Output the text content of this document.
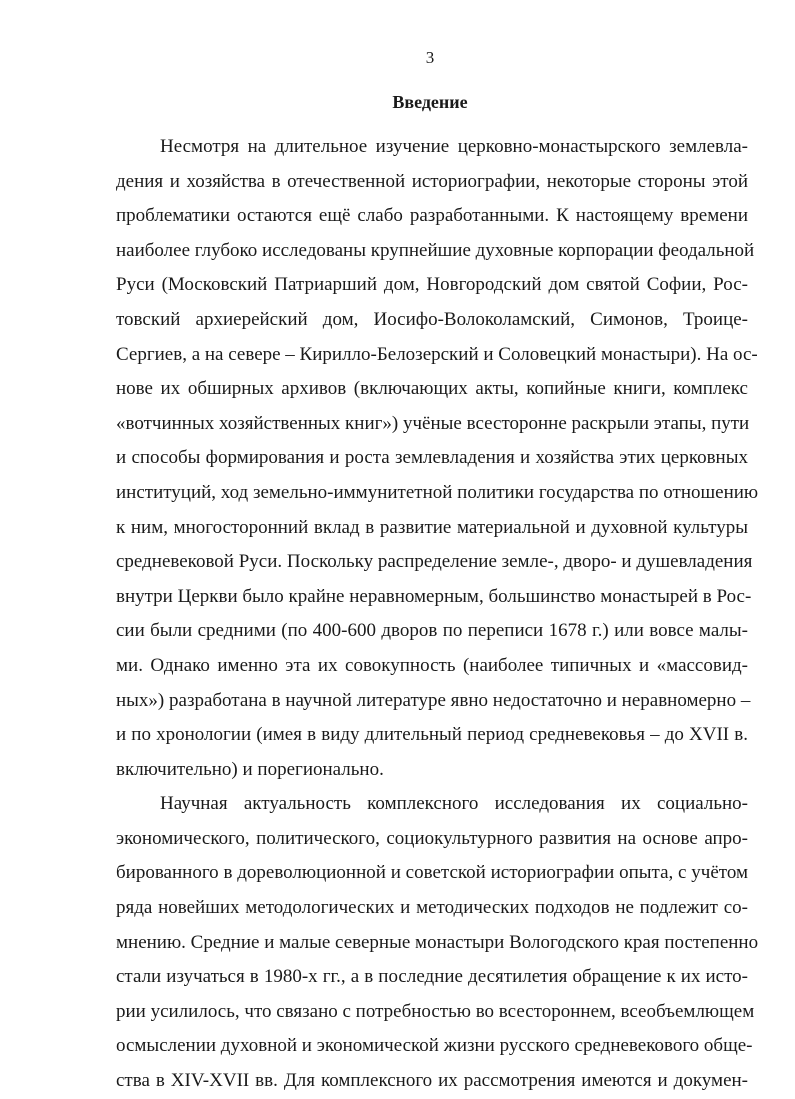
3
Введение
Несмотря на длительное изучение церковно-монастырского землевла-
дения и хозяйства в отечественной историографии, некоторые стороны этой
проблематики остаются ещё слабо разработанными. К настоящему времени
наиболее глубоко исследованы крупнейшие духовные корпорации феодальной
Руси (Московский Патриарший дом, Новгородский дом святой Софии, Рос-
товский архиерейский дом, Иосифо-Волоколамский, Симонов, Троице-
Сергиев, а на севере – Кирилло-Белозерский и Соловецкий монастыри). На ос-
нове их обширных архивов (включающих акты, копийные книги, комплекс
«вотчинных хозяйственных книг») учёные всесторонне раскрыли этапы, пути
и способы формирования и роста землевладения и хозяйства этих церковных
институций, ход земельно-иммунитетной политики государства по отношению
к ним, многосторонний вклад в развитие материальной и духовной культуры
средневековой Руси. Поскольку распределение земле-, дворо- и душевладения
внутри Церкви было крайне неравномерным, большинство монастырей в Рос-
сии были средними (по 400-600 дворов по переписи 1678 г.) или вовсе малы-
ми. Однако именно эта их совокупность (наиболее типичных и «массовид-
ных») разработана в научной литературе явно недостаточно и неравномерно –
и по хронологии (имея в виду длительный период средневековья – до XVII в.
включительно) и порегионально.
Научная актуальность комплексного исследования их социально-
экономического, политического, социокультурного развития на основе апро-
бированного в дореволюционной и советской историографии опыта, с учётом
ряда новейших методологических и методических подходов не подлежит со-
мнению. Средние и малые северные монастыри Вологодского края постепенно
стали изучаться в 1980-х гг., а в последние десятилетия обращение к их исто-
рии усилилось, что связано с потребностью во всестороннем, всеобъемлющем
осмыслении духовной и экономической жизни русского средневекового обще-
ства в XIV-XVII вв. Для комплексного их рассмотрения имеются и докумен-
